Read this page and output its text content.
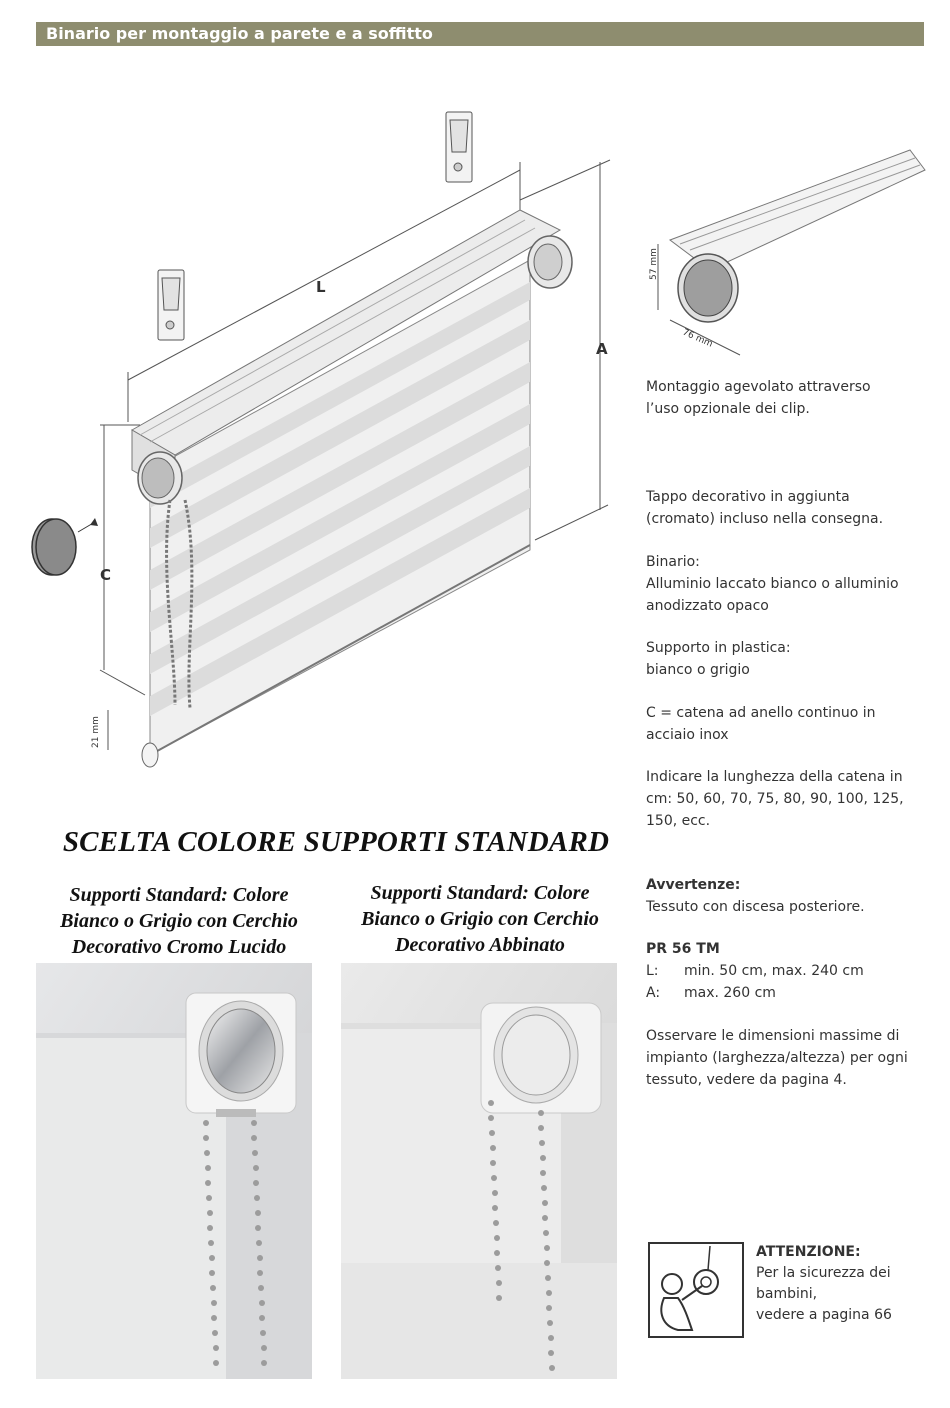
Binario per montaggio a parete e a soffitto
L
A
C
21 mm
57 mm
76 mm

Montaggio agevolato attraverso

l’uso opzionale dei clip.

Tappo decorativo in aggiunta

(cromato) incluso nella consegna.

Binario:

Alluminio laccato bianco o alluminio

anodizzato opaco

Supporto in plastica:

bianco o grigio

C = catena ad anello continuo in

acciaio inox

Indicare la lunghezza della catena in

cm: 50, 60, 70, 75, 80, 90, 100, 125,

150, ecc.

Avvertenze:

Tessuto con discesa posteriore.

PR 56 TM

L:	min. 50 cm, max. 240 cm
A:	max. 260 cm

Osservare le dimensioni massime di

impianto (larghezza/altezza) per ogni

tessuto, vedere da pagina 4.

SCELTA COLORE SUPPORTI STANDARD
Supporti Standard: Colore
Bianco o Grigio con Cerchio
Decorativo Cromo Lucido
Supporti Standard: Colore
Bianco o Grigio con Cerchio
Decorativo Abbinato
ATTENZIONE:
Per la sicurezza dei
bambini,
vedere a pagina 66
